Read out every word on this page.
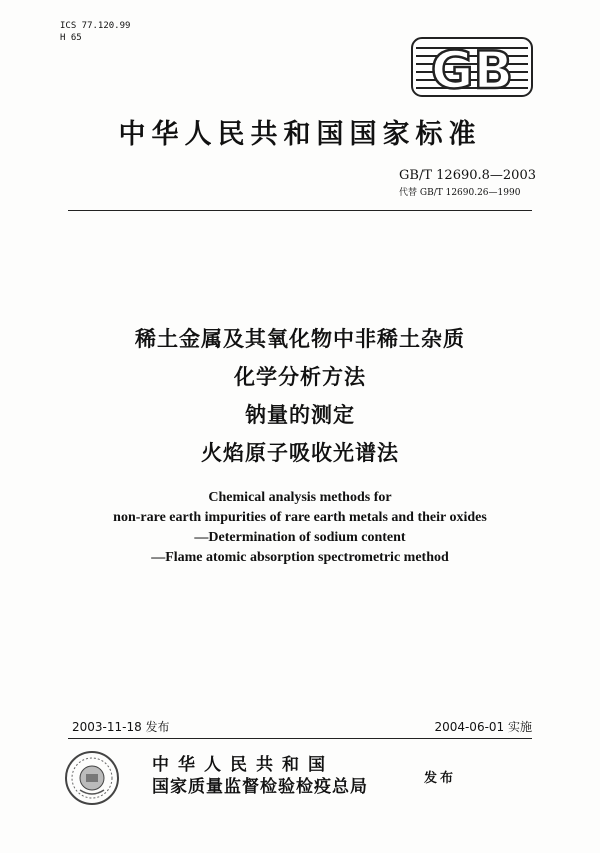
ICS 77.120.99
H 65
GB
中华人民共和国国家标准
GB/T 12690.8—2003
代替 GB/T 12690.26—1990
稀土金属及其氧化物中非稀土杂质
化学分析方法
钠量的测定
火焰原子吸收光谱法
Chemical analysis methods for
non-rare earth impurities of rare earth metals and their oxides
—Determination of sodium content
—Flame atomic absorption spectrometric method
2003-11-18 发布	2004-06-01 实施
中华人民共和国
国家质量监督检验检疫总局	发布
